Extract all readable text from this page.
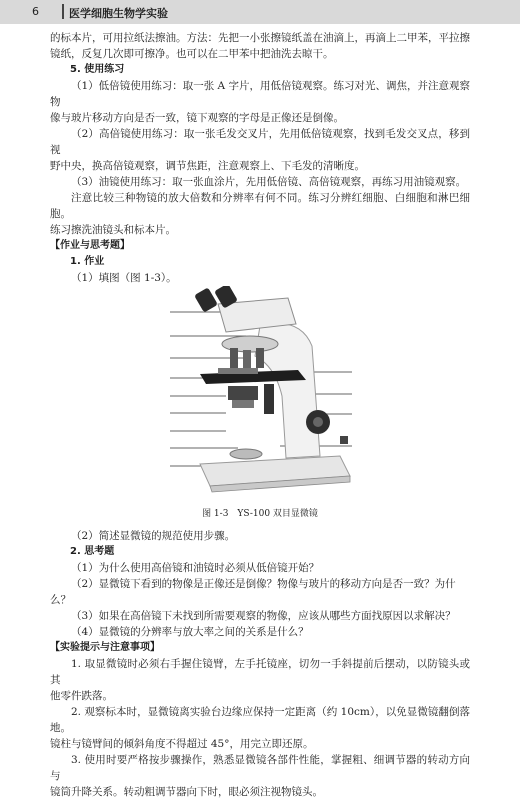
6	医学细胞生物学实验

的标本片，可用拉纸法擦油。方法：先把一小张擦镜纸盖在油滴上，再滴上二甲苯，平拉擦

镜纸，反复几次即可擦净。也可以在二甲苯中把油洗去晾干。

5. 使用练习

（1）低倍镜使用练习：取一张 A 字片，用低倍镜观察。练习对光、调焦，并注意观察物

像与玻片移动方向是否一致，镜下观察的字母是正像还是倒像。

（2）高倍镜使用练习：取一张毛发交叉片，先用低倍镜观察，找到毛发交叉点，移到视

野中央，换高倍镜观察，调节焦距，注意观察上、下毛发的清晰度。

（3）油镜使用练习：取一张血涂片，先用低倍镜、高倍镜观察，再练习用油镜观察。

注意比较三种物镜的放大倍数和分辨率有何不同。练习分辨红细胞、白细胞和淋巴细胞。

练习擦洗油镜头和标本片。

【作业与思考题】

1. 作业

（1）填图（图 1-3）。

图 1-3　YS-100 双目显微镜

（2）简述显微镜的规范使用步骤。

2. 思考题

（1）为什么使用高倍镜和油镜时必须从低倍镜开始？

（2）显微镜下看到的物像是正像还是倒像？物像与玻片的移动方向是否一致？为什么？

（3）如果在高倍镜下未找到所需要观察的物像，应该从哪些方面找原因以求解决？

（4）显微镜的分辨率与放大率之间的关系是什么？

【实验提示与注意事项】

1. 取显微镜时必须右手握住镜臂，左手托镜座，切勿一手斜提前后摆动，以防镜头或其

他零件跌落。

2. 观察标本时，显微镜离实验台边缘应保持一定距离（约 10cm），以免显微镜翻倒落地。

镜柱与镜臂间的倾斜角度不得超过 45°，用完立即还原。

3. 使用时要严格按步骤操作，熟悉显微镜各部件性能，掌握粗、细调节器的转动方向与

镜筒升降关系。转动粗调节器向下时，眼必须注视物镜头。
